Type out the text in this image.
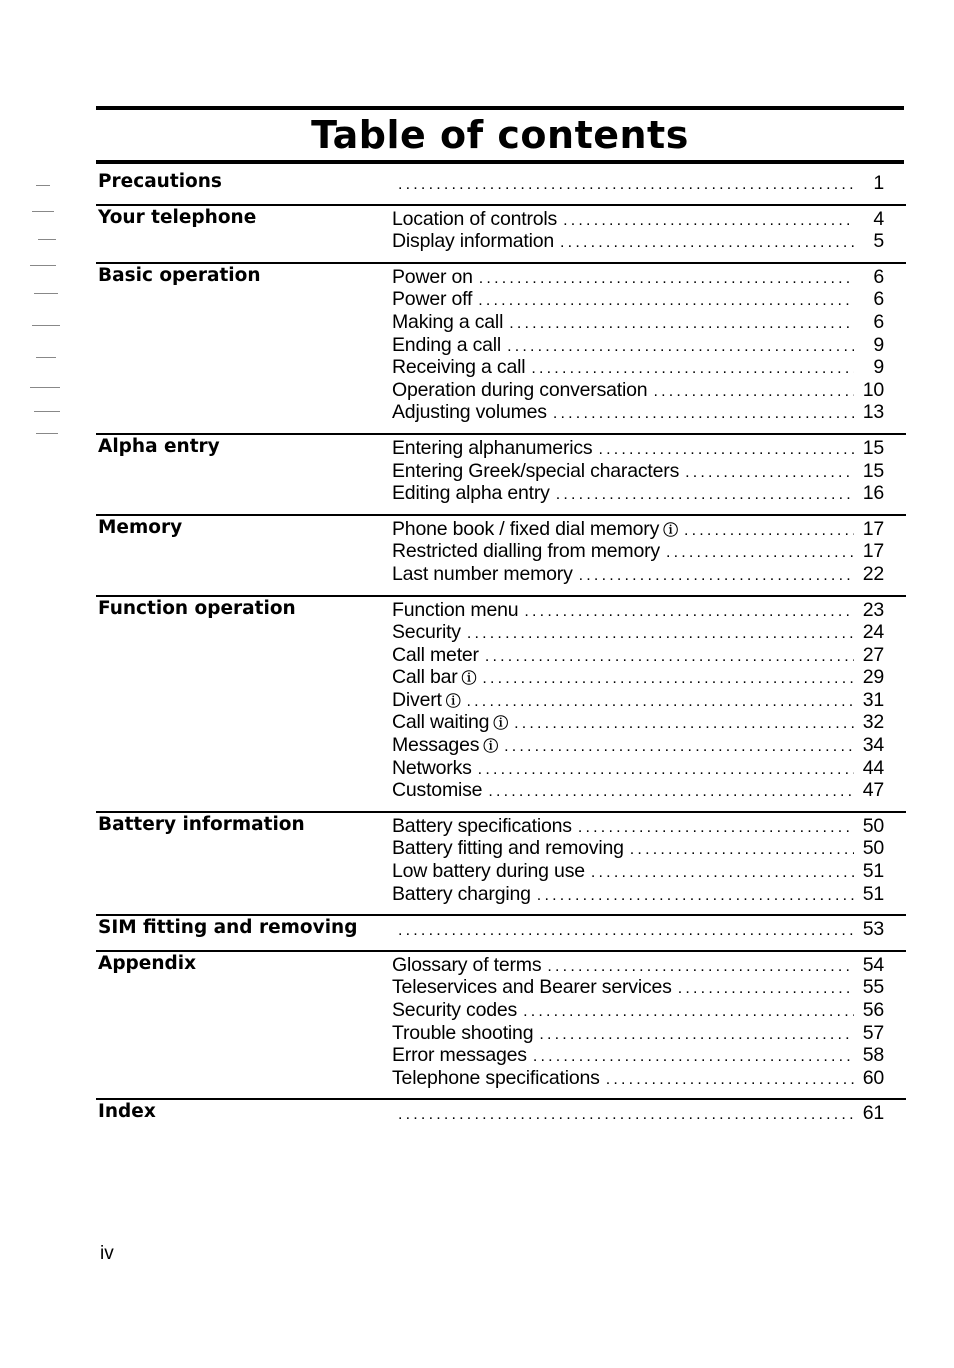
Table of contents
Precautions .....	1
Your telephone	Location of controls .....	4
Display information .....	5
Basic operation	Power on .....	6
Power off .....	6
Making a call .....	6
Ending a call .....	9
Receiving a call .....	9
Operation during conversation .....	10
Adjusting volumes .....	13
Alpha entry	Entering alphanumerics .....	15
Entering Greek/special characters .....	15
Editing alpha entry .....	16
Memory	Phone book / fixed dial memory ⓘ .....	17
Restricted dialling from memory .....	17
Last number memory .....	22
Function operation	Function menu .....	23
Security .....	24
Call meter .....	27
Call bar ⓘ .....	29
Divert ⓘ .....	31
Call waiting ⓘ .....	32
Messages ⓘ .....	34
Networks .....	44
Customise .....	47
Battery information	Battery specifications .....	50
Battery fitting and removing .....	50
Low battery during use .....	51
Battery charging .....	51
SIM fitting and removing .....	53
Appendix	Glossary of terms .....	54
Teleservices and Bearer services .....	55
Security codes .....	56
Trouble shooting .....	57
Error messages .....	58
Telephone specifications .....	60
Index .....	61
iv
